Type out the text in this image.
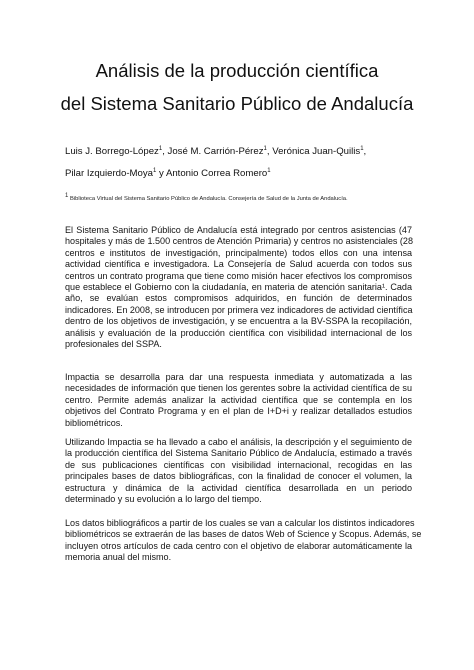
Análisis de la producción científica
del Sistema Sanitario Público de Andalucía
Luis J. Borrego-López$^1$, José M. Carrión-Pérez$^1$, Verónica Juan-Quilis$^1$,
Pilar Izquierdo-Moya$^1$ y Antonio Correa Romero$^1$
$^1$ Biblioteca Virtual del Sistema Sanitario Público de Andalucía. Consejería de Salud de la Junta de Andalucía.
El Sistema Sanitario Público de Andalucía está integrado por centros asistencias (47
hospitales y más de 1.500 centros de Atención Primaria) y centros no asistenciales (28
centros e institutos de investigación, principalmente) todos ellos con una intensa
actividad científica e investigadora. La Consejería de Salud acuerda con todos sus
centros un contrato programa que tiene como misión hacer efectivos los compromisos
que establece el Gobierno con la ciudadanía, en materia de atención sanitaria¹. Cada
año, se evalúan estos compromisos adquiridos, en función de determinados
indicadores. En 2008, se introducen por primera vez indicadores de actividad científica
dentro de los objetivos de investigación, y se encuentra a la BV-SSPA la recopilación,
análisis y evaluación de la producción científica con visibilidad internacional de los
profesionales del SSPA.
Impactia se desarrolla para dar una respuesta inmediata y automatizada a las
necesidades de información que tienen los gerentes sobre la actividad científica de su
centro. Permite además analizar la actividad científica que se contempla en los
objetivos del Contrato Programa y en el plan de I+D+i y realizar detallados estudios
bibliométricos.
Utilizando Impactia se ha llevado a cabo el análisis, la descripción y el seguimiento de
la producción científica del Sistema Sanitario Público de Andalucía, estimado a través
de sus publicaciones científicas con visibilidad internacional, recogidas en las
principales bases de datos bibliográficas, con la finalidad de conocer el volumen, la
estructura y dinámica de la actividad científica desarrollada en un periodo
determinado y su evolución a lo largo del tiempo.
Los datos bibliográficos a partir de los cuales se van a calcular los distintos indicadores
bibliométricos se extraerán de las bases de datos Web of Science y Scopus. Además, se
incluyen otros artículos de cada centro con el objetivo de elaborar automáticamente la
memoria anual del mismo.
